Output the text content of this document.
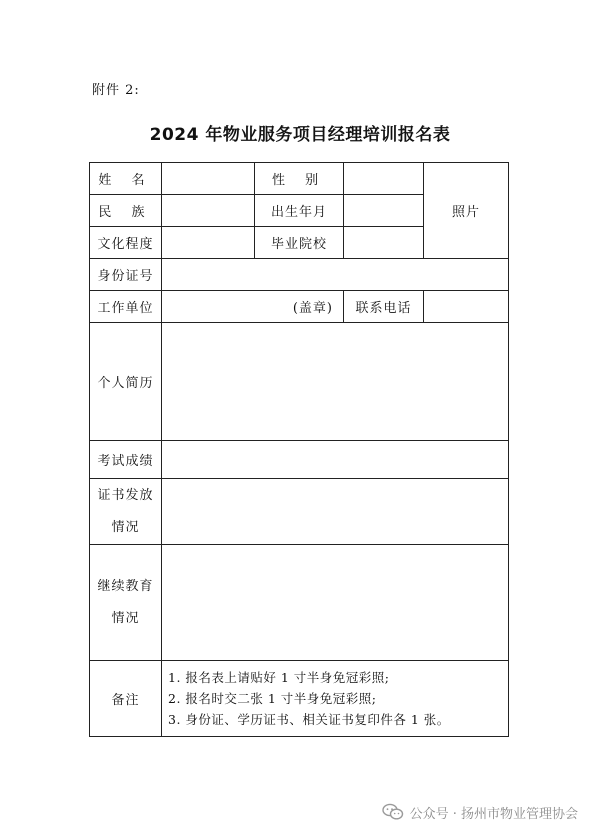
附件 2:
2024 年物业服务项目经理培训报名表
姓 名		性 别		照片
民 族		出生年月		
文化程度		毕业院校		
身份证号				
工作单位	(盖章)		联系电话	
个人简历				
考试成绩				

证书发放
情况				

继续教育
情况				

备注	1. 报名表上请贴好 1 寸半身免冠彩照;
2. 报名时交二张 1 寸半身免冠彩照;
3. 身份证、学历证书、相关证书复印件各 1 张。			
公众号 · 扬州市物业管理协会
